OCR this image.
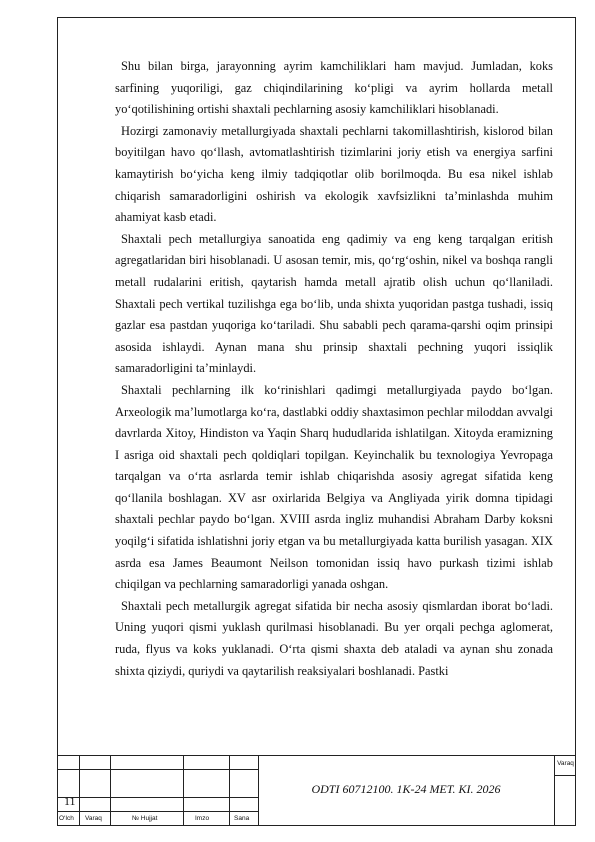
Shu bilan birga, jarayonning ayrim kamchiliklari ham mavjud. Jumladan, koks sarfining yuqoriligi, gaz chiqindilarining ko‘pligi va ayrim hollarda metall yo‘qotilishining ortishi shaxtali pechlarning asosiy kamchiliklari hisoblanadi.

Hozirgi zamonaviy metallurgiyada shaxtali pechlarni takomillashtirish, kislorod bilan boyitilgan havo qo‘llash, avtomatlashtirish tizimlarini joriy etish va energiya sarfini kamaytirish bo‘yicha keng ilmiy tadqiqotlar olib borilmoqda. Bu esa nikel ishlab chiqarish samaradorligini oshirish va ekologik xavfsizlikni ta’minlashda muhim ahamiyat kasb etadi.

Shaxtali pech metallurgiya sanoatida eng qadimiy va eng keng tarqalgan eritish agregatlaridan biri hisoblanadi. U asosan temir, mis, qo‘rg‘oshin, nikel va boshqa rangli metall rudalarini eritish, qaytarish hamda metall ajratib olish uchun qo‘llaniladi. Shaxtali pech vertikal tuzilishga ega bo‘lib, unda shixta yuqoridan pastga tushadi, issiq gazlar esa pastdan yuqoriga ko‘tariladi. Shu sababli pech qarama-qarshi oqim prinsipi asosida ishlaydi. Aynan mana shu prinsip shaxtali pechning yuqori issiqlik samaradorligini ta’minlaydi.

Shaxtali pechlarning ilk ko‘rinishlari qadimgi metallurgiyada paydo bo‘lgan. Arxeologik ma’lumotlarga ko‘ra, dastlabki oddiy shaxtasimon pechlar miloddan avvalgi davrlarda Xitoy, Hindiston va Yaqin Sharq hududlarida ishlatilgan. Xitoyda eramizning I asriga oid shaxtali pech qoldiqlari topilgan. Keyinchalik bu texnologiya Yevropaga tarqalgan va o‘rta asrlarda temir ishlab chiqarishda asosiy agregat sifatida keng qo‘llanila boshlagan. XV asr oxirlarida Belgiya va Angliyada yirik domna tipidagi shaxtali pechlar paydo bo‘lgan. XVIII asrda ingliz muhandisi Abraham Darby koksni yoqilg‘i sifatida ishlatishni joriy etgan va bu metallurgiyada katta burilish yasagan. XIX asrda esa James Beaumont Neilson tomonidan issiq havo purkash tizimi ishlab chiqilgan va pechlarning samaradorligi yanada oshgan.

Shaxtali pech metallurgik agregat sifatida bir necha asosiy qismlardan iborat bo‘ladi. Uning yuqori qismi yuklash qurilmasi hisoblanadi. Bu yer orqali pechga aglomerat, ruda, flyus va koks yuklanadi. O‘rta qismi shaxta deb ataladi va aynan shu zonada shixta qiziydi, quriydi va qaytarilish reaksiyalari boshlanadi. Pastki

O‘lch Varaq	№ Hujjat	Imzo	Sana
11
ODTI 60712100. 1K-24 MET. KI. 2026
Varaq
